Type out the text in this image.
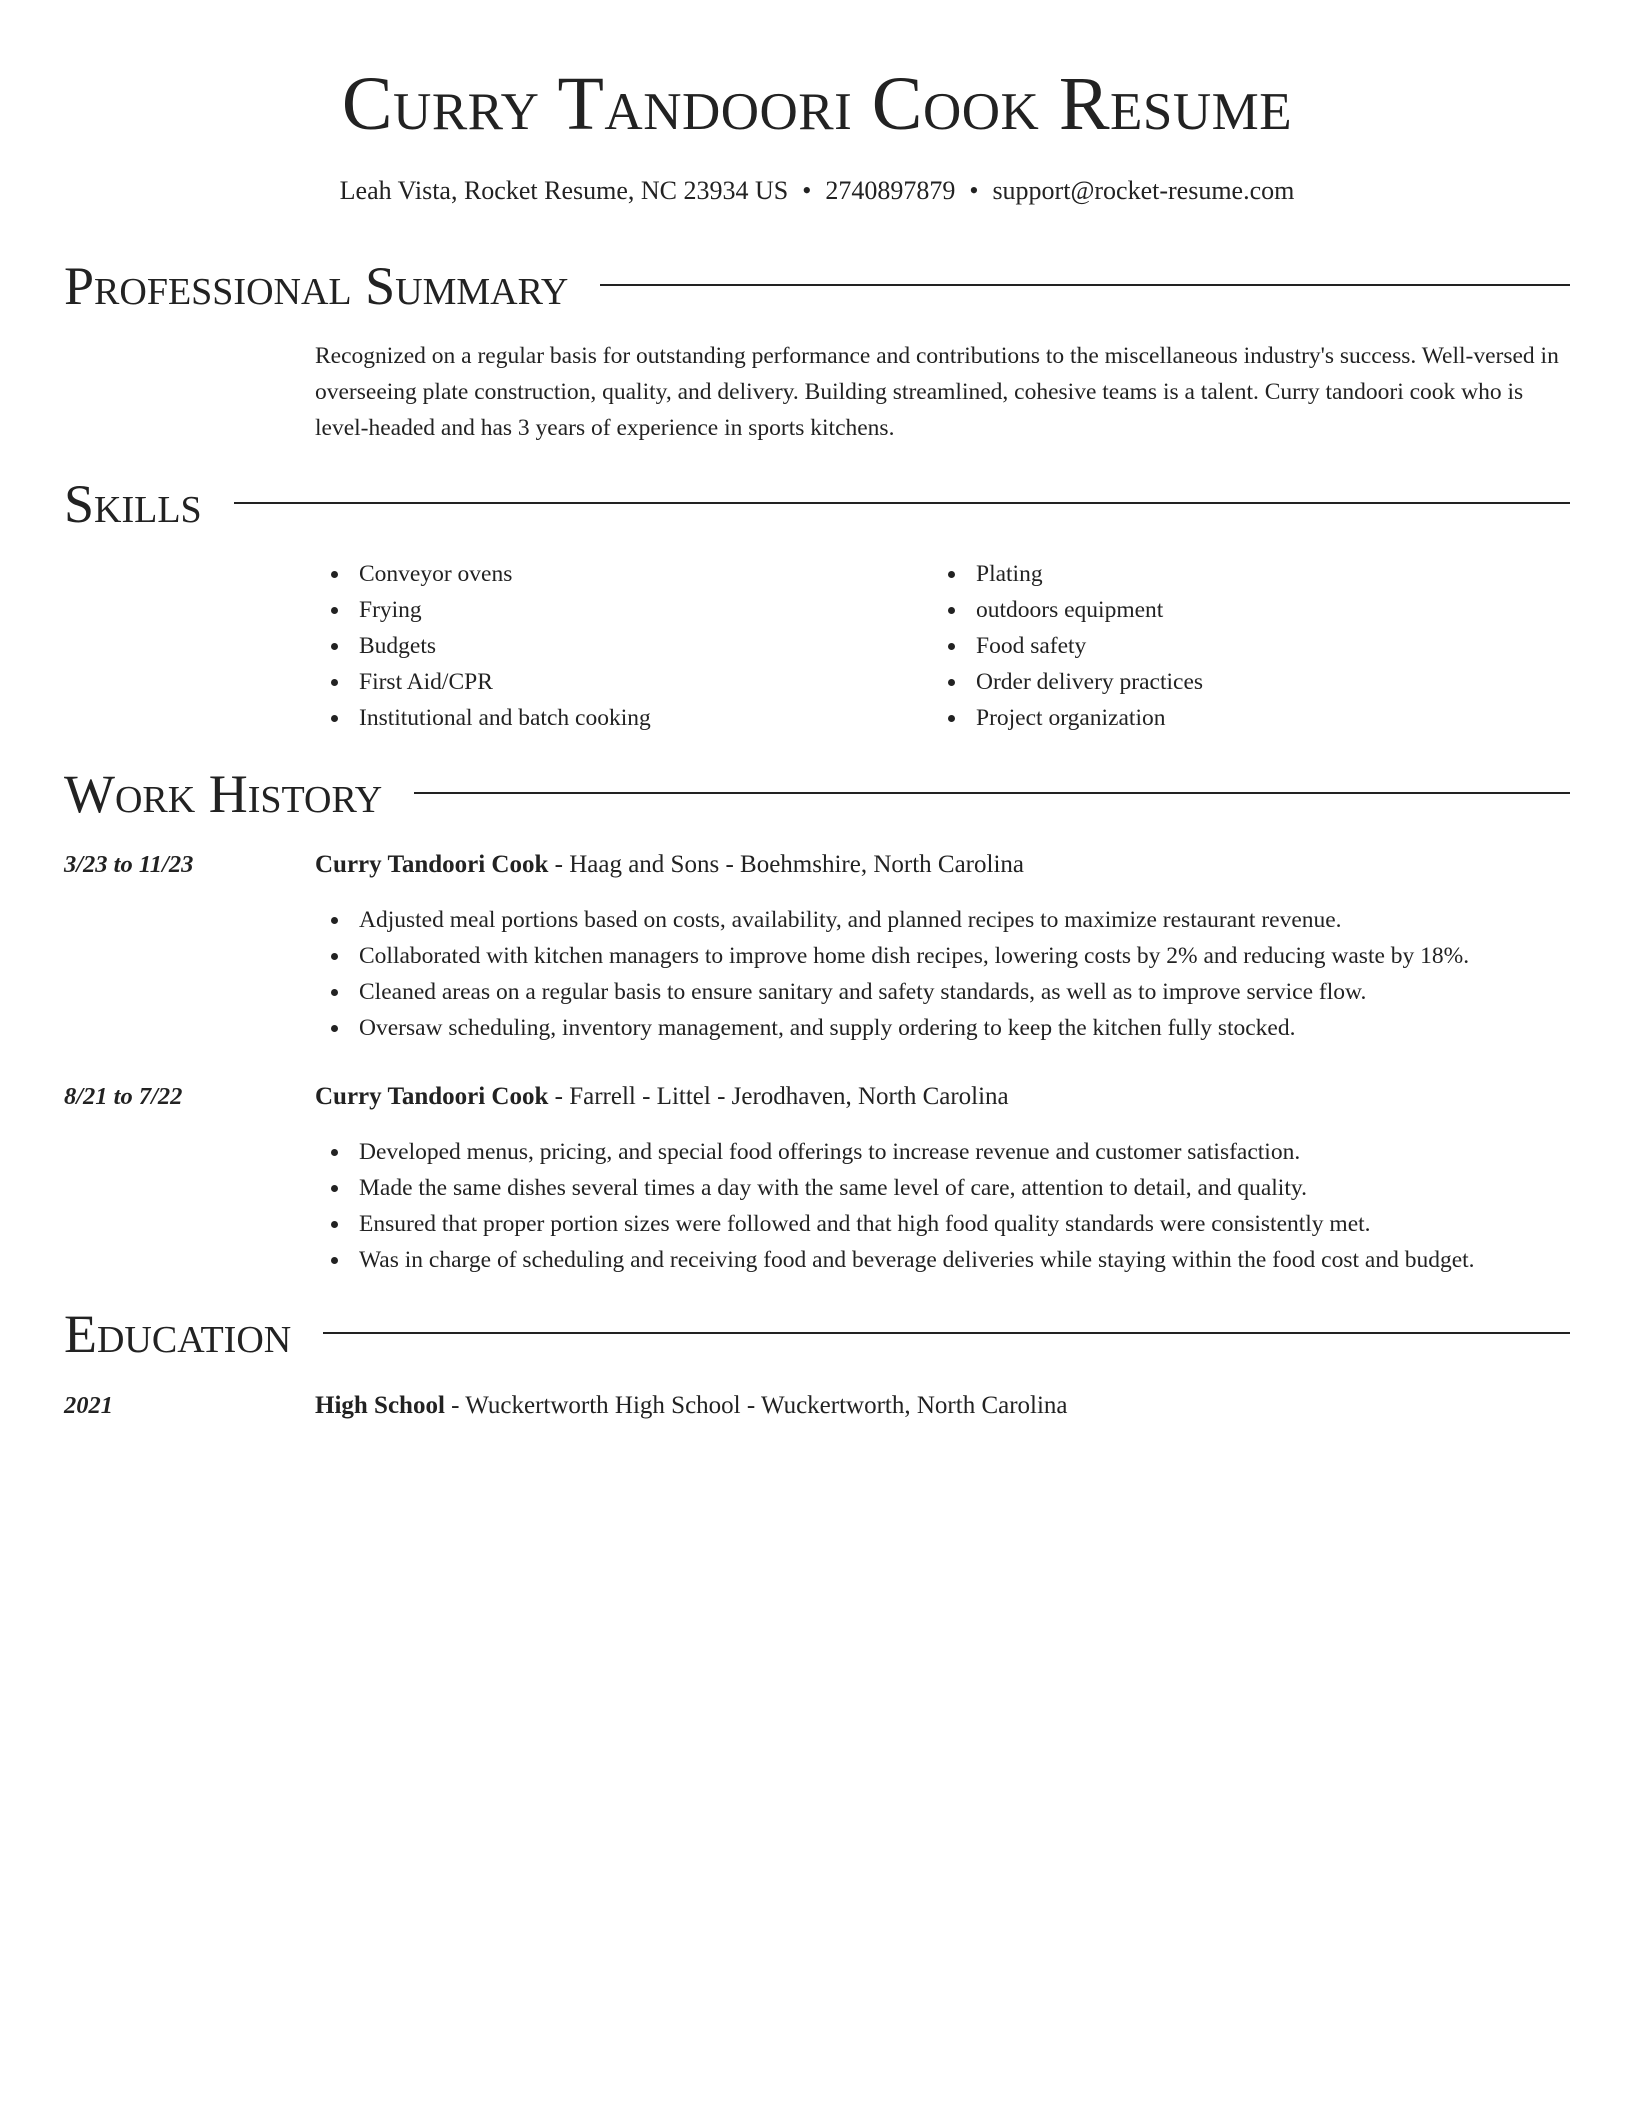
Curry Tandoori Cook Resume
Leah Vista, Rocket Resume, NC 23934 US • 2740897879 • support@rocket-resume.com
Professional Summary
Recognized on a regular basis for outstanding performance and contributions to the miscellaneous industry's success. Well-versed in overseeing plate construction, quality, and delivery. Building streamlined, cohesive teams is a talent. Curry tandoori cook who is level-headed and has 3 years of experience in sports kitchens.
Skills
Conveyor ovens
Frying
Budgets
First Aid/CPR
Institutional and batch cooking
Plating
outdoors equipment
Food safety
Order delivery practices
Project organization
Work History
3/23 to 11/23	Curry Tandoori Cook - Haag and Sons - Boehmshire, North Carolina
Adjusted meal portions based on costs, availability, and planned recipes to maximize restaurant revenue.
Collaborated with kitchen managers to improve home dish recipes, lowering costs by 2% and reducing waste by 18%.
Cleaned areas on a regular basis to ensure sanitary and safety standards, as well as to improve service flow.
Oversaw scheduling, inventory management, and supply ordering to keep the kitchen fully stocked.
8/21 to 7/22	Curry Tandoori Cook - Farrell - Littel - Jerodhaven, North Carolina
Developed menus, pricing, and special food offerings to increase revenue and customer satisfaction.
Made the same dishes several times a day with the same level of care, attention to detail, and quality.
Ensured that proper portion sizes were followed and that high food quality standards were consistently met.
Was in charge of scheduling and receiving food and beverage deliveries while staying within the food cost and budget.
Education
2021	High School - Wuckertworth High School - Wuckertworth, North Carolina
